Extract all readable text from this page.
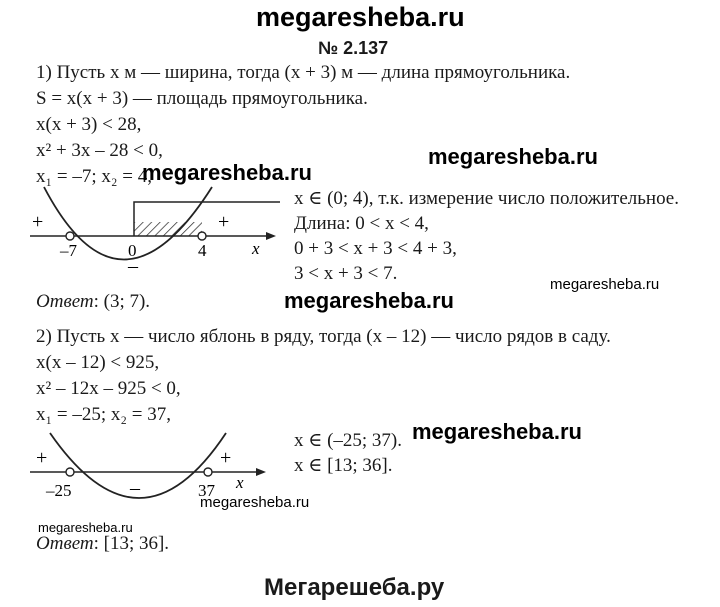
megaresheba.ru
№ 2.137
1) Пусть x м — ширина, тогда (x + 3) м — длина прямоугольника.
S = x(x + 3) — площадь прямоугольника.
x(x + 3) < 28,
x² + 3x – 28 < 0,
x₁ = –7; x₂ = 4,
megaresheba.ru
megaresheba.ru
+	+
–
–7	0	4	x
x ∈ (0; 4), т.к. измерение число положительное.
Длина: 0 < x < 4,
0 + 3 < x + 3 < 4 + 3,
3 < x + 3 < 7.
megaresheba.ru
megaresheba.ru
Ответ: (3; 7).
2) Пусть x — число яблонь в ряду, тогда (x – 12) — число рядов в саду.
x(x – 12) < 925,
x² – 12x – 925 < 0,
x₁ = –25; x₂ = 37,
megaresheba.ru
x ∈ (–25; 37).
x ∈ [13; 36].
+	+
–
–25	37 x
megaresheba.ru
megaresheba.ru
Ответ: [13; 36].
Мегарешеба.ру
